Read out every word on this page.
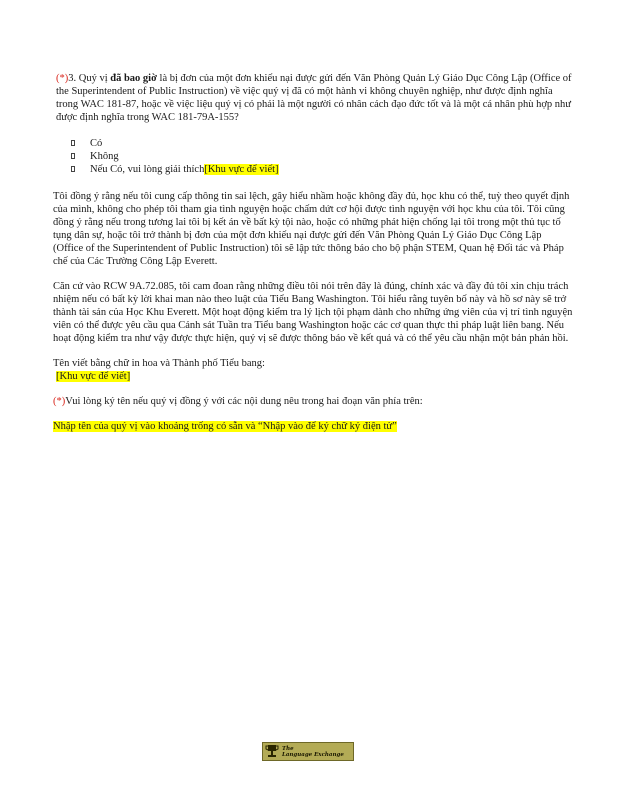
(*)3. Quý vị đã bao giờ là bị đơn của một đơn khiếu nại được gửi đến Văn Phòng Quản Lý Giáo Dục Công Lập (Office of the Superintendent of Public Instruction) về việc quý vị đã có một hành vi không chuyên nghiệp, như được định nghĩa trong WAC 181-87, hoặc về việc liệu quý vị có phải là một người có nhân cách đạo đức tốt và là một cá nhân phù hợp như được định nghĩa trong WAC 181-79A-155?

Có
Không
Nếu Có, vui lòng giải thích[Khu vực để viết]

Tôi đồng ý rằng nếu tôi cung cấp thông tin sai lệch, gây hiểu nhầm hoặc không đầy đủ, học khu có thể, tuỳ theo quyết định của mình, không cho phép tôi tham gia tình nguyện hoặc chấm dứt cơ hội được tình nguyện với học khu của tôi. Tôi cũng đồng ý rằng nếu trong tương lai tôi bị kết án về bất kỳ tội nào, hoặc có những phát hiện chống lại tôi trong một thủ tục tố tụng dân sự, hoặc tôi trở thành bị đơn của một đơn khiếu nại được gửi đến Văn Phòng Quản Lý Giáo Dục Công Lập (Office of the Superintendent of Public Instruction) tôi sẽ lập tức thông báo cho bộ phận STEM, Quan hệ Đối tác và Pháp chế của Các Trường Công Lập Everett.

Căn cứ vào RCW 9A.72.085, tôi cam đoan rằng những điều tôi nói trên đây là đúng, chính xác và đầy đủ tôi xin chịu trách nhiệm nếu có bất kỳ lời khai man nào theo luật của Tiểu Bang Washington. Tôi hiểu rằng tuyên bố này và hồ sơ này sẽ trở thành tài sản của Học Khu Everett. Một hoạt động kiểm tra lý lịch tội phạm dành cho những ứng viên của vị trí tình nguyện viên có thể được yêu cầu qua Cảnh sát Tuần tra Tiểu bang Washington hoặc các cơ quan thực thi pháp luật liên bang. Nếu hoạt động kiểm tra như vậy được thực hiện, quý vị sẽ được thông báo về kết quả và có thể yêu cầu nhận một bản phản hồi.

Tên viết bằng chữ in hoa và Thành phố Tiểu bang:

[Khu vực để viết]

(*)Vui lòng ký tên nếu quý vị đồng ý với các nội dung nêu trong hai đoạn văn phía trên:

Nhập tên của quý vị vào khoảng trống có sẵn và “Nhập vào để ký chữ ký điện tử”

The
Language Exchange
